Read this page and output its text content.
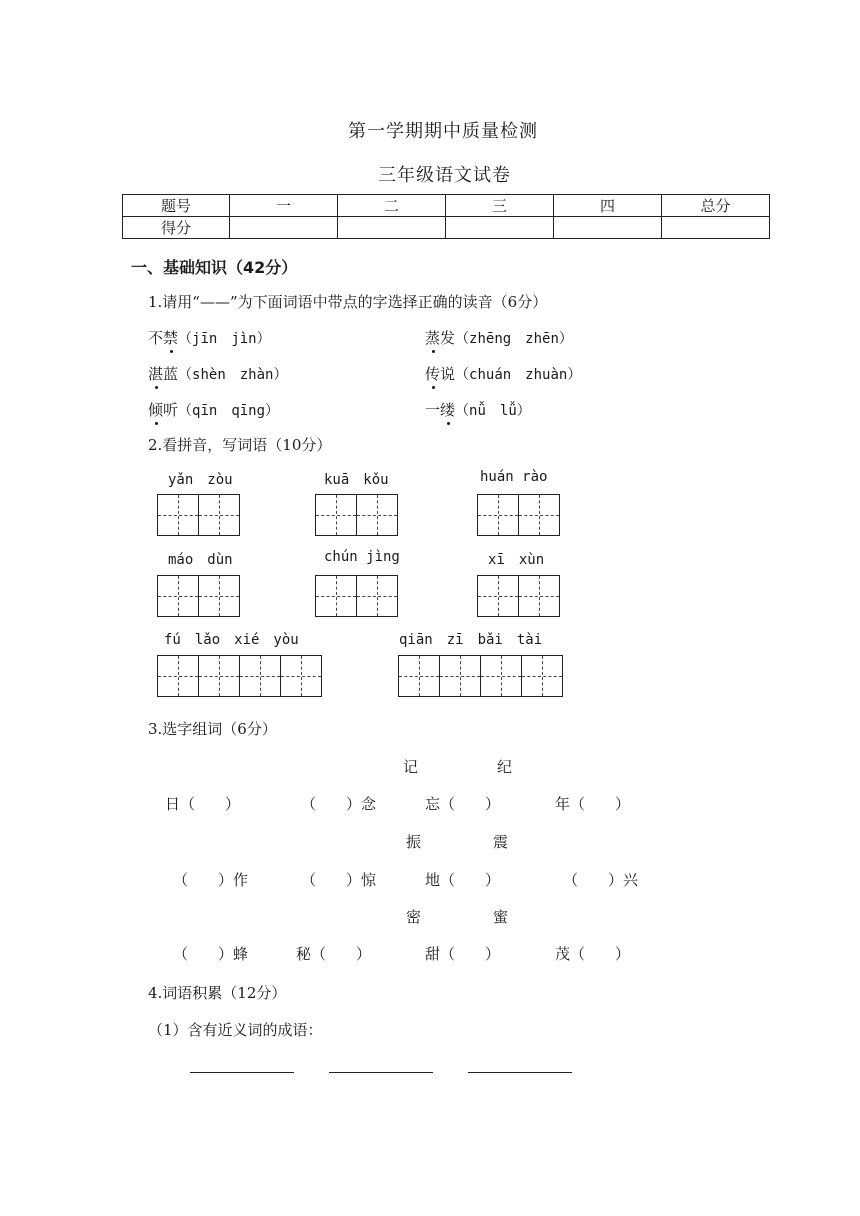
第一学期期中质量检测
三年级语文试卷
题号	一	二	三	四	总分
得分					
一、基础知识（42分）
1.请用“——”为下面词语中带点的字选择正确的读音（6分）
不禁（jīn　jìn）	蒸发（zhēng　zhēn）
湛蓝（shèn　zhàn）	传说（chuán　zhuàn）
倾听（qīn　qīng）	一缕（nǚ　lǚ）
2.看拼音，写词语（10分）
yǎn　zòu	kuā　kǒu	huán rào
máo　dùn	chún jìng	xī　xùn
fú　lǎo　xié　yòu	qiān　zī　bǎi　tài
3.选字组词（6分）
记	纪
日（　　）	（　　）念	忘（　　）	年（　　）
振	震
（　　）作	（　　）惊	地（　　）	（　　）兴
密	蜜
（　　）蜂	秘（　　）	甜（　　）	茂（　　）
4.词语积累（12分）
（1）含有近义词的成语：
